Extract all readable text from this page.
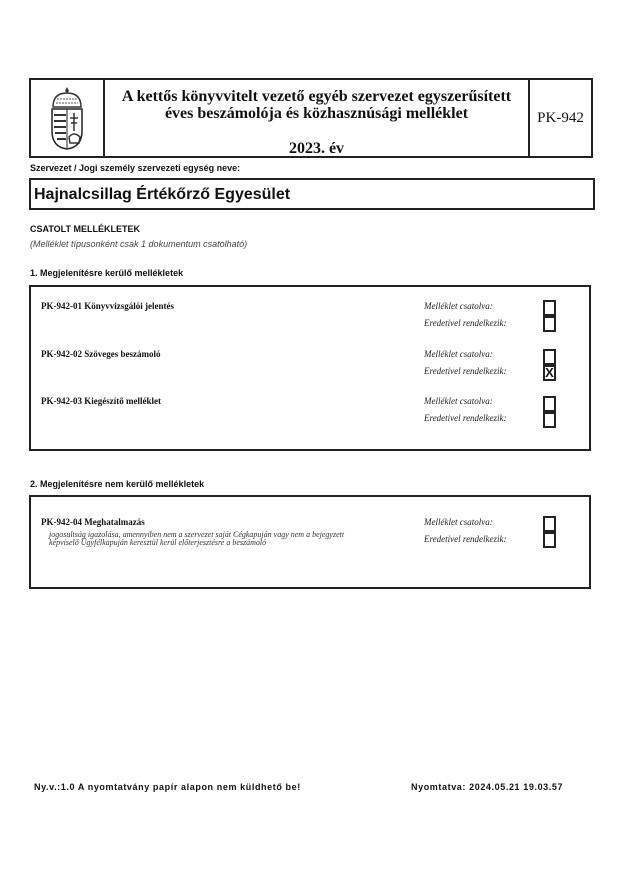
A kettős könyvvitelt vezető egyéb szervezet egyszerűsített
éves beszámolója és közhasznúsági melléklet
2023. év
PK-942
Szervezet / Jogi személy szervezeti egység neve:
Hajnalcsillag Értékőrző Egyesület
CSATOLT MELLÉKLETEK
(Melléklet típusonként csak 1 dokumentum csatolható)
1. Megjelenítésre kerülő mellékletek
PK-942-01 Könyvvizsgálói jelentés	Melléklet csatolva:
Eredetivel rendelkezik:
PK-942-02 Szöveges beszámoló	Melléklet csatolva:
Eredetivel rendelkezik:	X
PK-942-03 Kiegészítő melléklet	Melléklet csatolva:
Eredetivel rendelkezik:
2. Megjelenítésre nem kerülő mellékletek
PK-942-04 Meghatalmazás
jogosultság igazolása, amennyiben nem a szervezet saját Cégkapuján vagy nem a bejegyzett képviselő Ügyfélkapuján keresztül kerül előterjesztésre a beszámoló
Melléklet csatolva:
Eredetivel rendelkezik:
Ny.v.:1.0 A nyomtatvány papír alapon nem küldhető be!	Nyomtatva: 2024.05.21 19.03.57
